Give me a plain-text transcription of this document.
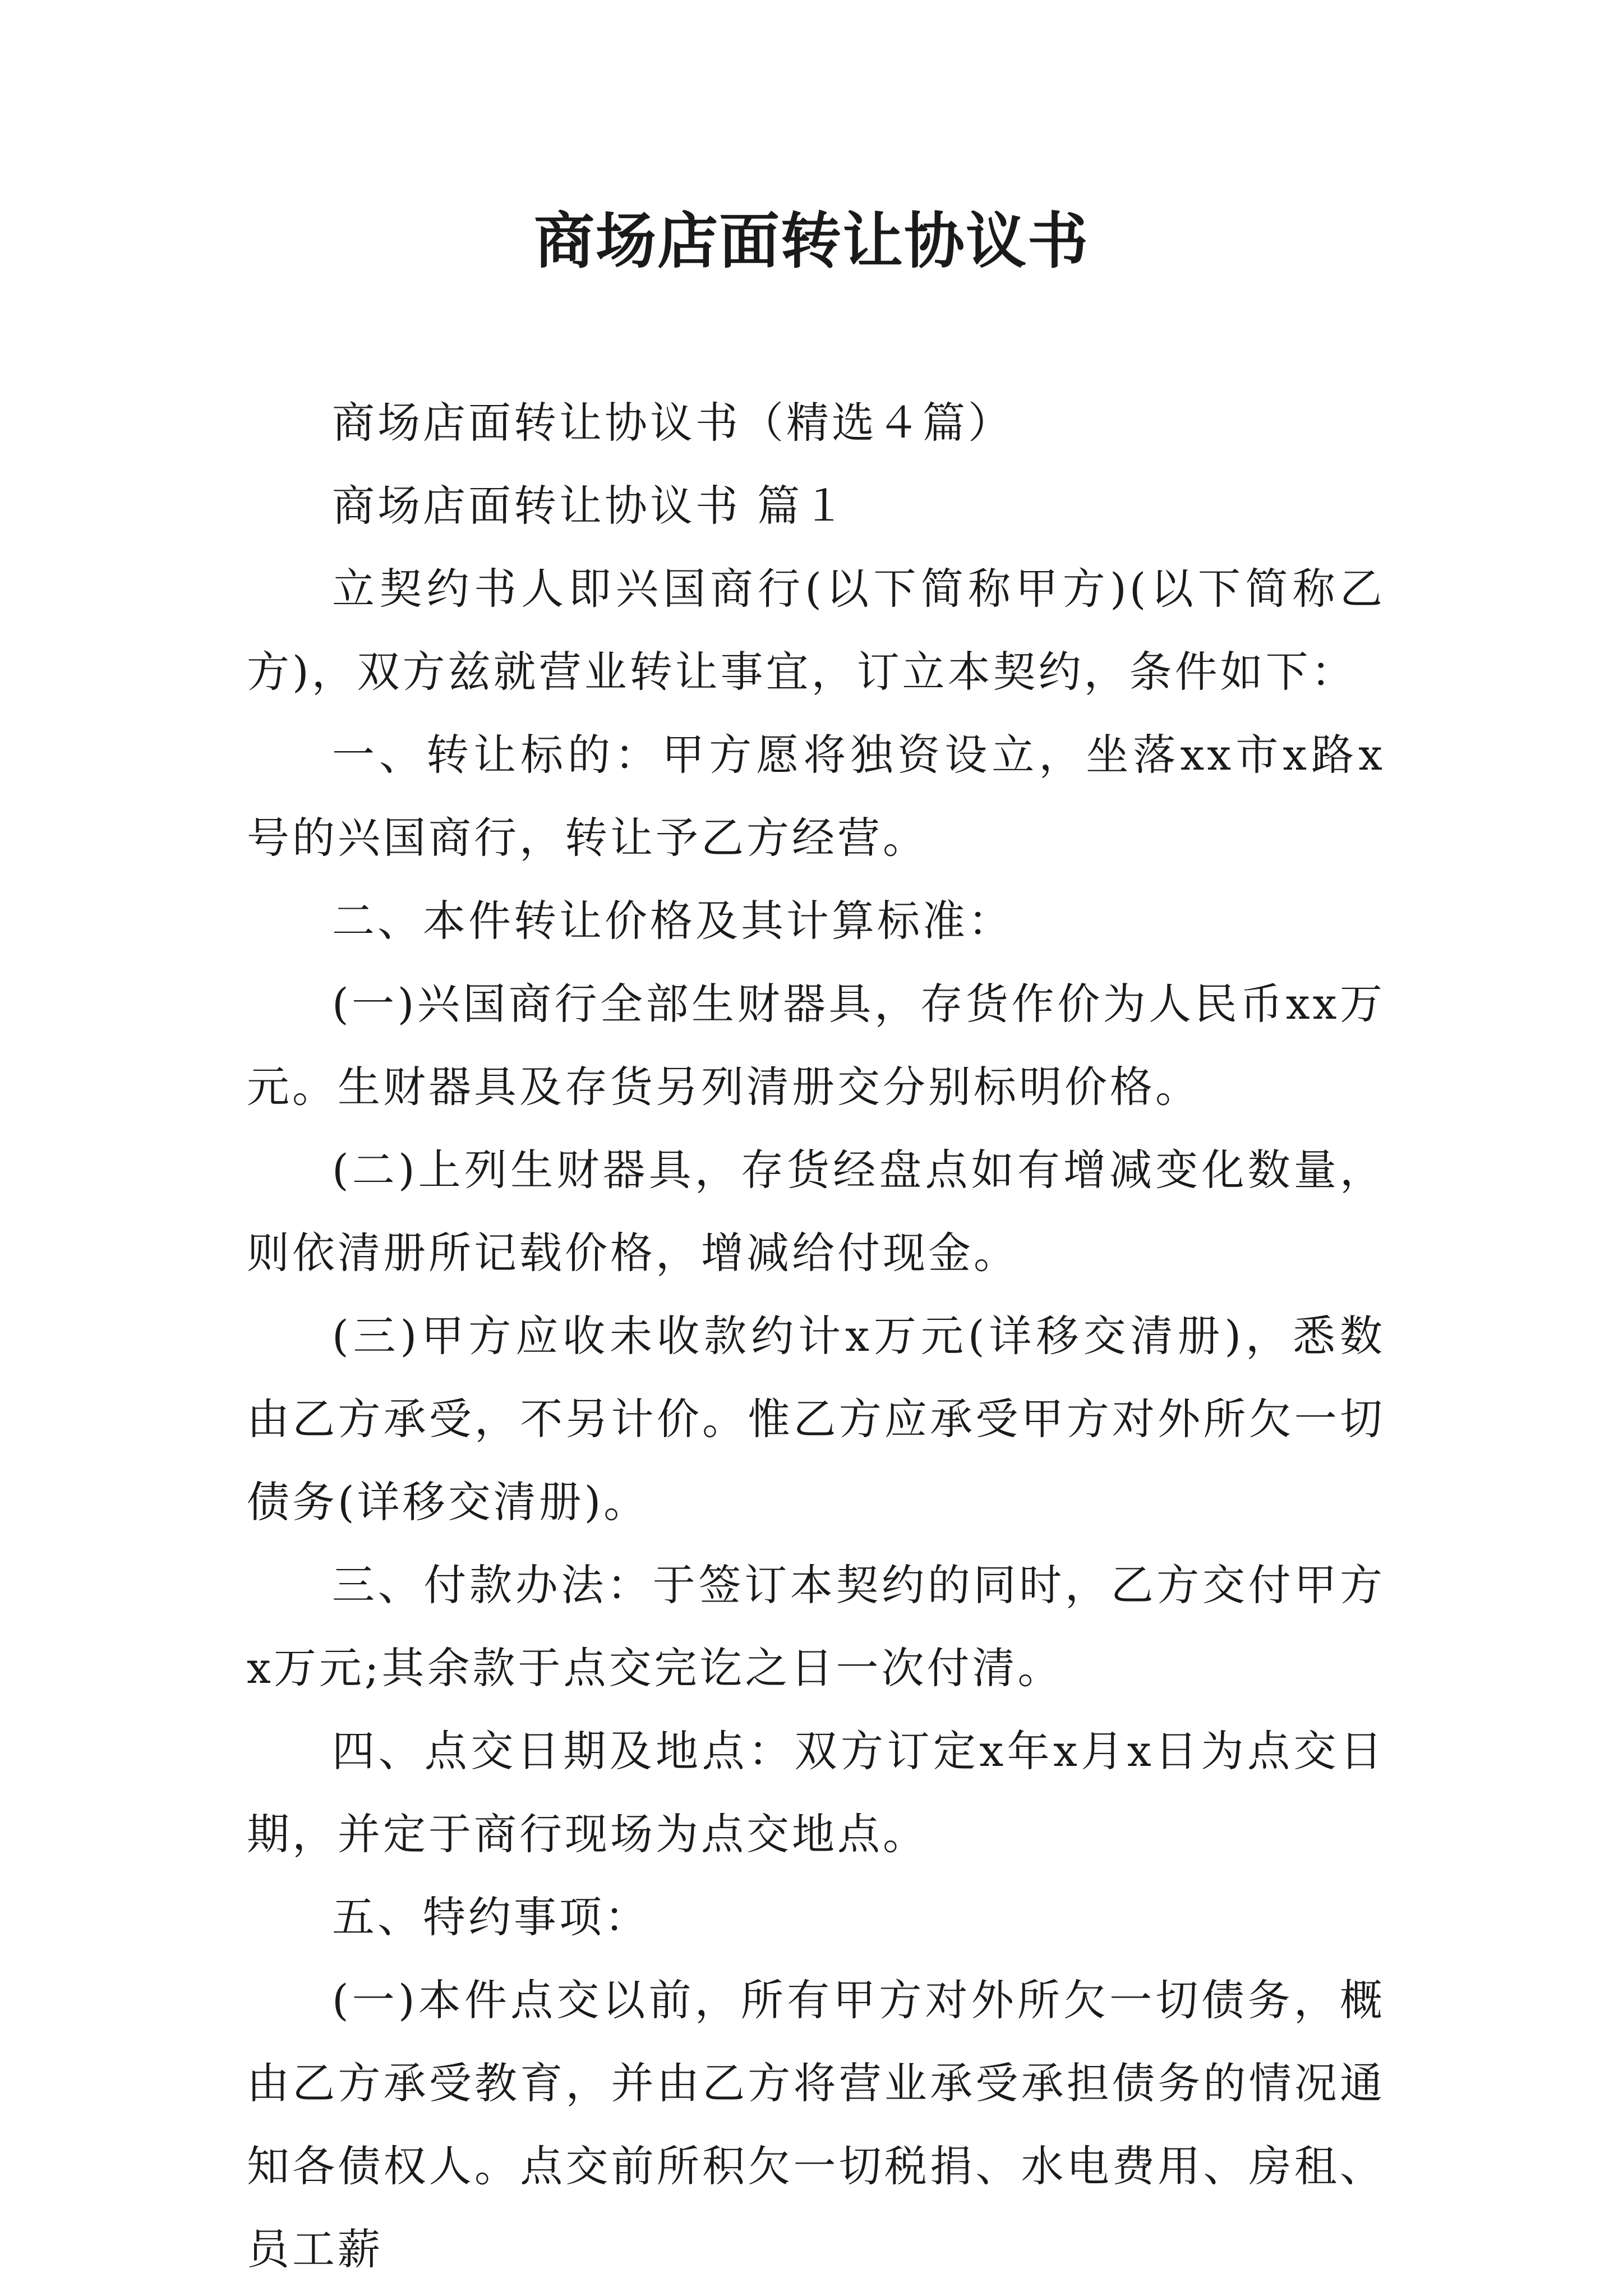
商场店面转让协议书

商场店面转让协议书（精选４篇）

商场店面转让协议书 篇１

立契约书人即兴国商行(以下简称甲方)(以下简称乙方)，双方兹就营业转让事宜，订立本契约，条件如下：

一、转让标的：甲方愿将独资设立，坐落xx市x路x号的兴国商行，转让予乙方经营。

二、本件转让价格及其计算标准：

(一)兴国商行全部生财器具，存货作价为人民币xx万元。生财器具及存货另列清册交分别标明价格。

(二)上列生财器具，存货经盘点如有增减变化数量，则依清册所记载价格，增减给付现金。

(三)甲方应收未收款约计x万元(详移交清册)，悉数由乙方承受，不另计价。惟乙方应承受甲方对外所欠一切债务(详移交清册)。

三、付款办法：于签订本契约的同时，乙方交付甲方x万元;其余款于点交完讫之日一次付清。

四、点交日期及地点：双方订定x年x月x日为点交日期，并定于商行现场为点交地点。

五、特约事项：

(一)本件点交以前，所有甲方对外所欠一切债务，概由乙方承受教育，并由乙方将营业承受承担债务的情况通知各债权人。点交前所积欠一切税捐、水电费用、房租、员工薪
